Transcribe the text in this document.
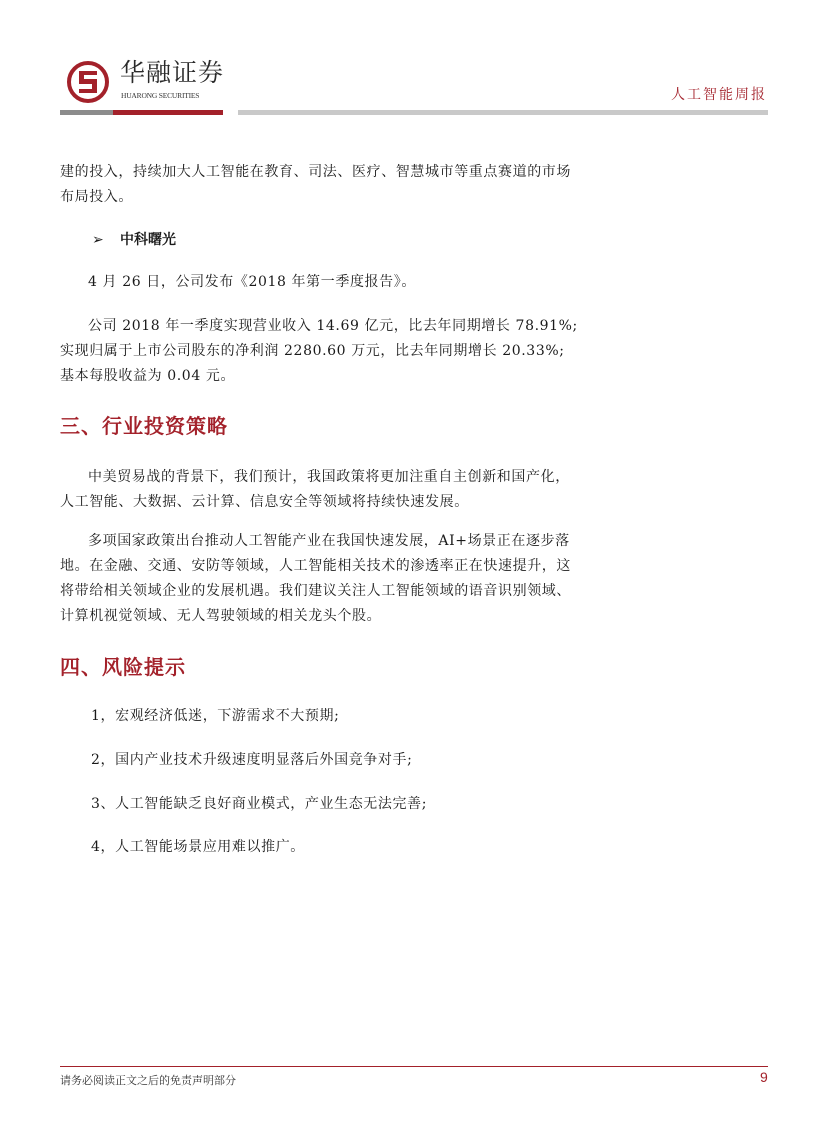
华融证券
HUARONG SECURITIES	人工智能周报
建的投入，持续加大人工智能在教育、司法、医疗、智慧城市等重点赛道的市场布局投入。
➢ 中科曙光
4 月 26 日，公司发布《2018 年第一季度报告》。
公司 2018 年一季度实现营业收入 14.69 亿元，比去年同期增长 78.91%; 实现归属于上市公司股东的净利润 2280.60 万元，比去年同期增长 20.33%; 基本每股收益为 0.04 元。
三、行业投资策略
中美贸易战的背景下，我们预计，我国政策将更加注重自主创新和国产化，人工智能、大数据、云计算、信息安全等领域将持续快速发展。
多项国家政策出台推动人工智能产业在我国快速发展，AI+场景正在逐步落地。在金融、交通、安防等领域，人工智能相关技术的渗透率正在快速提升，这将带给相关领域企业的发展机遇。我们建议关注人工智能领域的语音识别领域、计算机视觉领域、无人驾驶领域的相关龙头个股。
四、风险提示
1，宏观经济低迷，下游需求不大预期;
2，国内产业技术升级速度明显落后外国竞争对手;
3、人工智能缺乏良好商业模式，产业生态无法完善;
4，人工智能场景应用难以推广。
请务必阅读正文之后的免责声明部分	9
